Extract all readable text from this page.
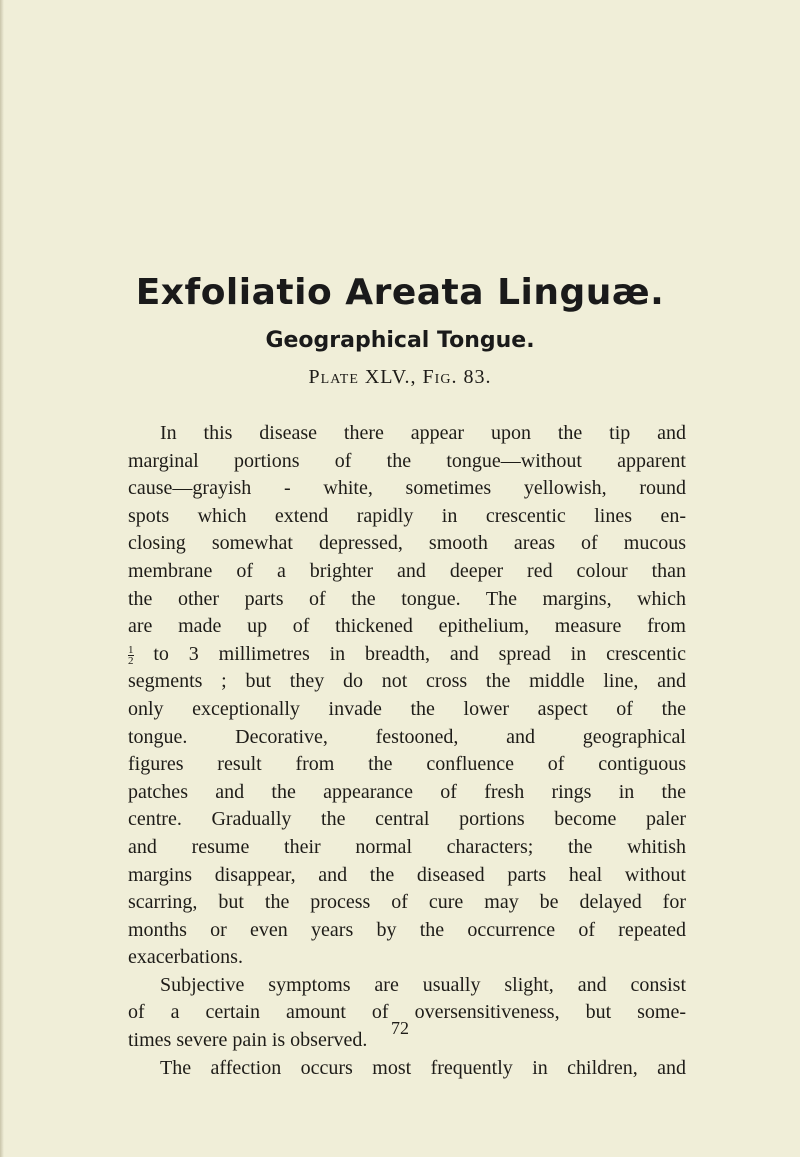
Exfoliatio Areata Linguæ.
Geographical Tongue.
Plate XLV., Fig. 83.

In this disease there appear upon the tip and
marginal portions of the tongue—without apparent
cause—grayish - white, sometimes yellowish, round
spots which extend rapidly in crescentic lines en-
closing somewhat depressed, smooth areas of mucous
membrane of a brighter and deeper red colour than
the other parts of the tongue. The margins, which
are made up of thickened epithelium, measure from
$\frac{1}{2}$ to 3 millimetres in breadth, and spread in crescentic
segments ; but they do not cross the middle line, and
only exceptionally invade the lower aspect of the
tongue. Decorative, festooned, and geographical
figures result from the confluence of contiguous
patches and the appearance of fresh rings in the
centre. Gradually the central portions become paler
and resume their normal characters; the whitish
margins disappear, and the diseased parts heal without
scarring, but the process of cure may be delayed for
months or even years by the occurrence of repeated
exacerbations.

Subjective symptoms are usually slight, and consist
of a certain amount of oversensitiveness, but some-
times severe pain is observed.

The affection occurs most frequently in children, and

72
